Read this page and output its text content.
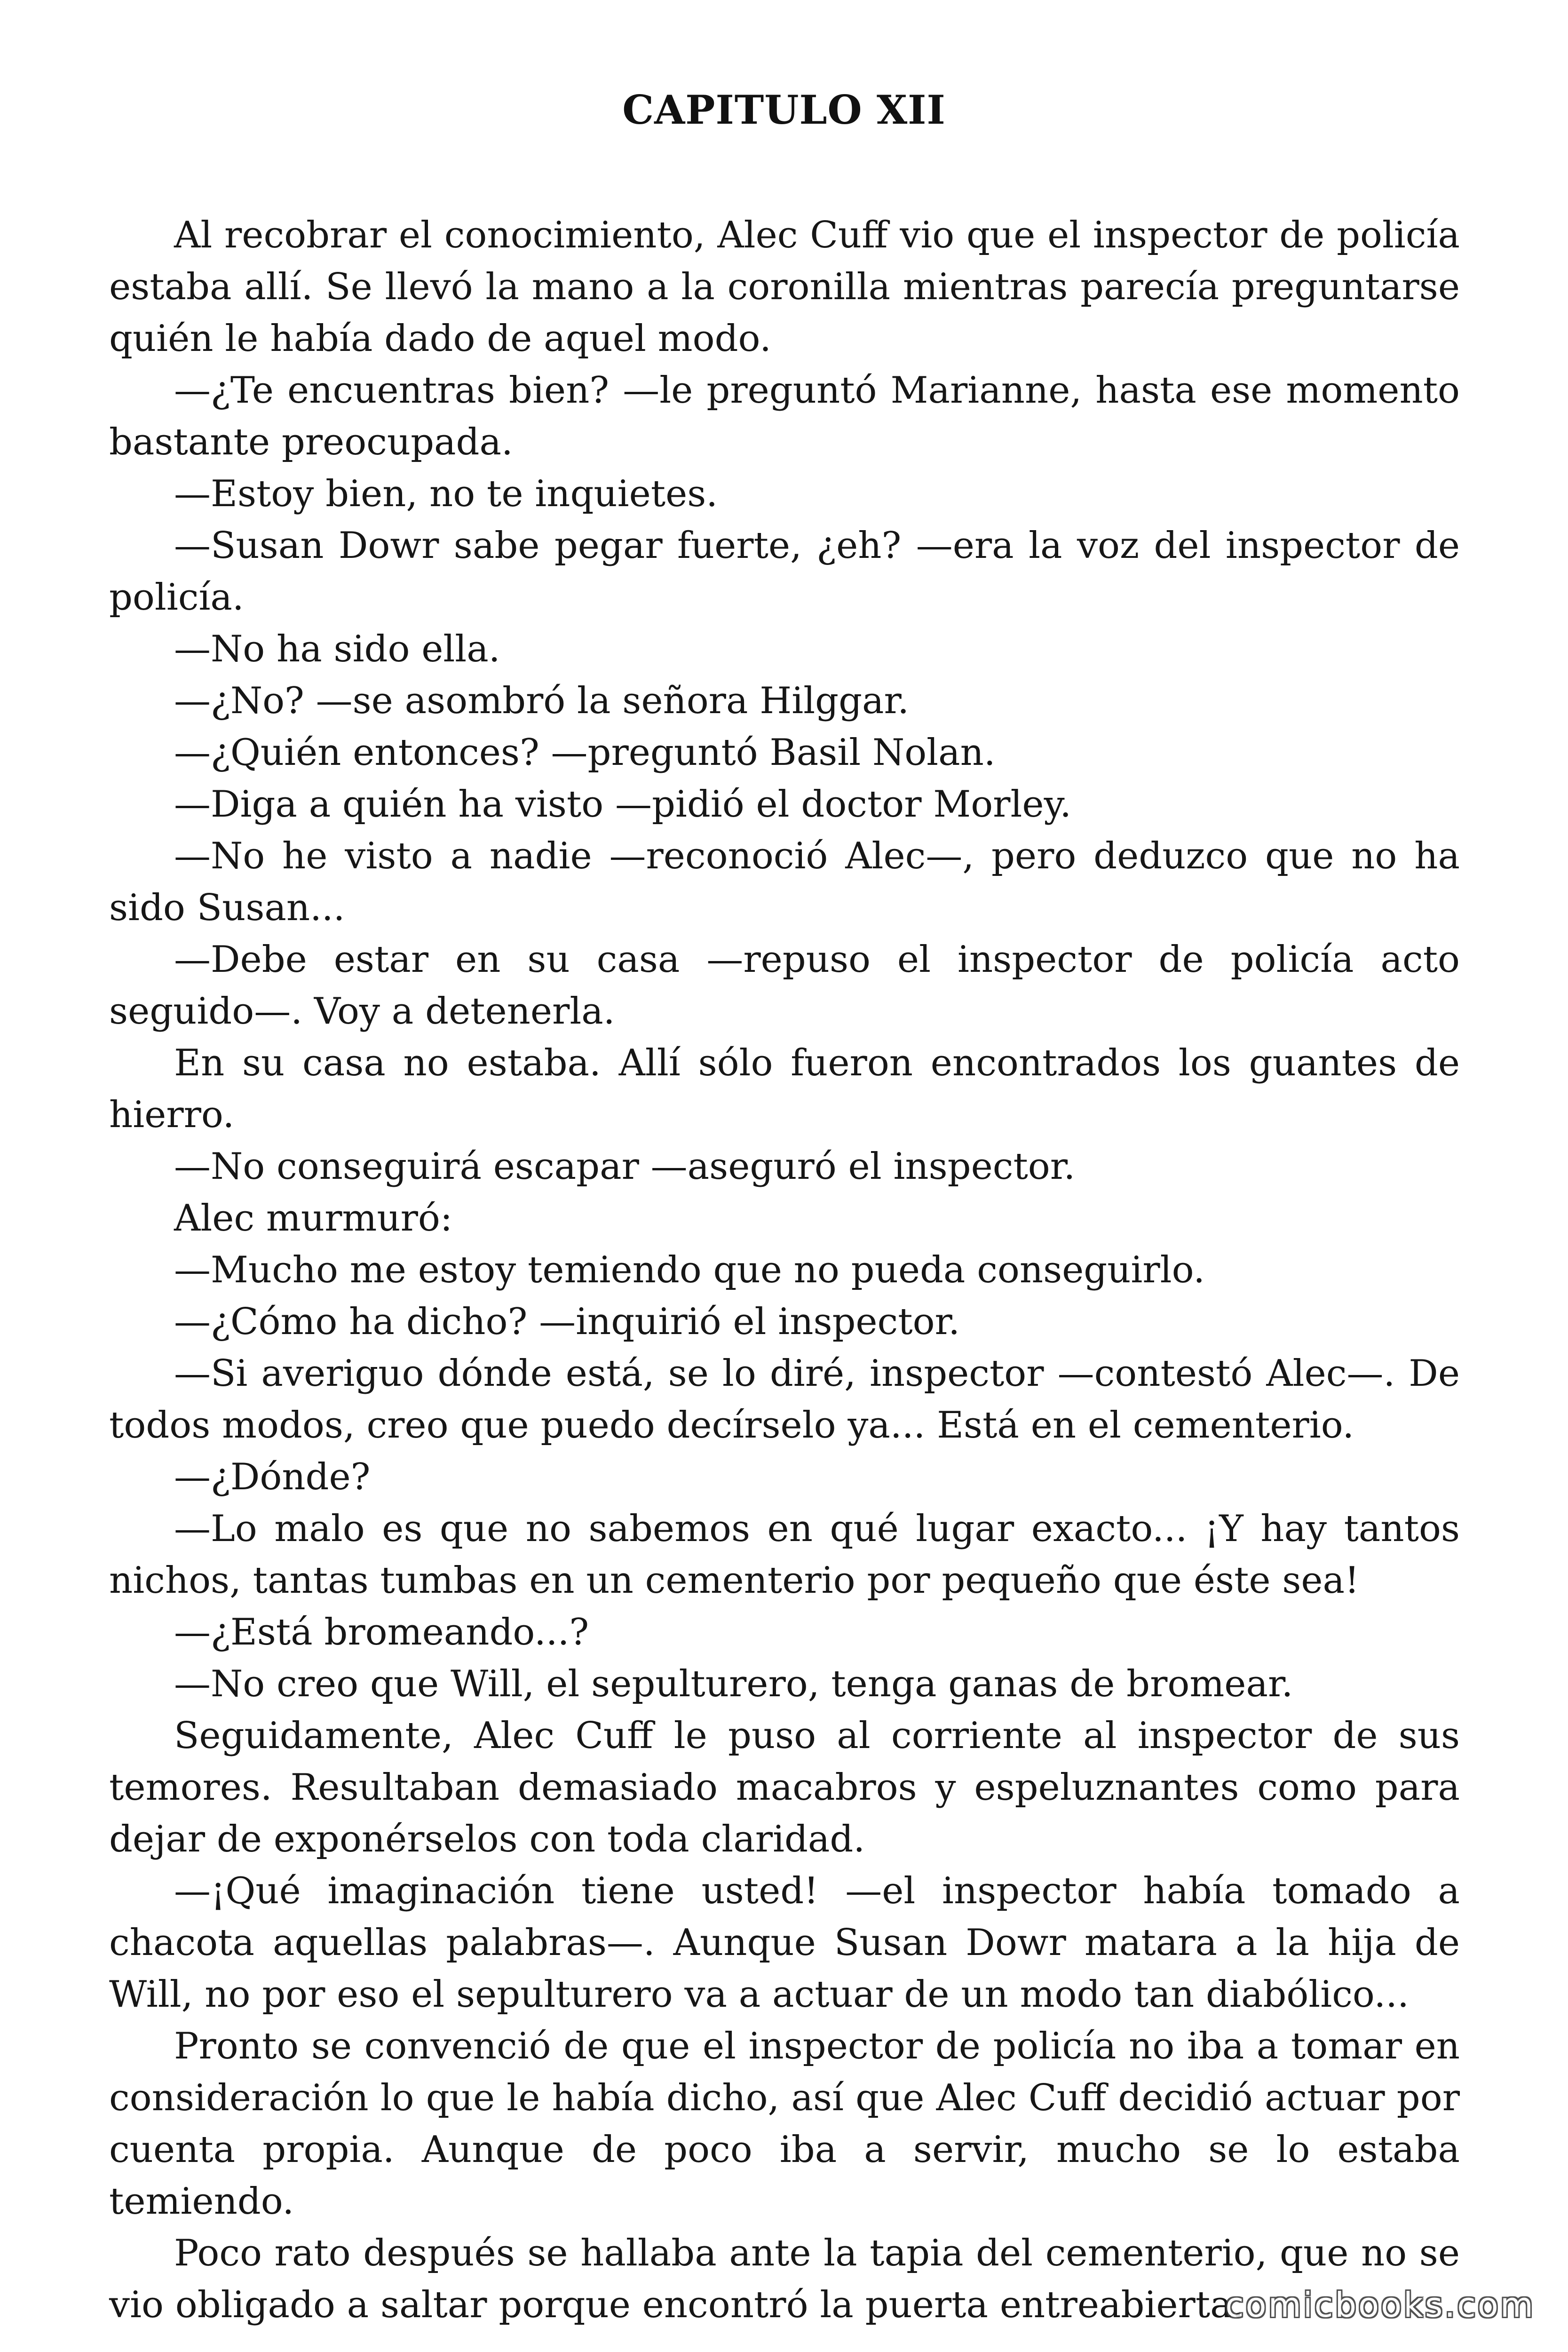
CAPITULO XII

Al recobrar el conocimiento, Alec Cuff vio que el inspector de policía estaba allí. Se llevó la mano a la coronilla mientras parecía preguntarse quién le había dado de aquel modo.

—¿Te encuentras bien? —le preguntó Marianne, hasta ese momento bastante preocupada.

—Estoy bien, no te inquietes.

—Susan Dowr sabe pegar fuerte, ¿eh? —era la voz del inspector de policía.

—No ha sido ella.

—¿No? —se asombró la señora Hilggar.

—¿Quién entonces? —preguntó Basil Nolan.

—Diga a quién ha visto —pidió el doctor Morley.

—No he visto a nadie —reconoció Alec—, pero deduzco que no ha sido Susan...

—Debe estar en su casa —repuso el inspector de policía acto seguido—. Voy a detenerla.

En su casa no estaba. Allí sólo fueron encontrados los guantes de hierro.

—No conseguirá escapar —aseguró el inspector.

Alec murmuró:

—Mucho me estoy temiendo que no pueda conseguirlo.

—¿Cómo ha dicho? —inquirió el inspector.

—Si averiguo dónde está, se lo diré, inspector —contestó Alec—. De todos modos, creo que puedo decírselo ya... Está en el cementerio.

—¿Dónde?

—Lo malo es que no sabemos en qué lugar exacto... ¡Y hay tantos nichos, tantas tumbas en un cementerio por pequeño que éste sea!

—¿Está bromeando...?

—No creo que Will, el sepulturero, tenga ganas de bromear.

Seguidamente, Alec Cuff le puso al corriente al inspector de sus temores. Resultaban demasiado macabros y espeluznantes como para dejar de exponérselos con toda claridad.

—¡Qué imaginación tiene usted! —el inspector había tomado a chacota aquellas palabras—. Aunque Susan Dowr matara a la hija de Will, no por eso el sepulturero va a actuar de un modo tan diabólico...

Pronto se convenció de que el inspector de policía no iba a tomar en consideración lo que le había dicho, así que Alec Cuff decidió actuar por cuenta propia. Aunque de poco iba a servir, mucho se lo estaba temiendo.

Poco rato después se hallaba ante la tapia del cementerio, que no se vio obligado a saltar porque encontró la puerta entreabierta.

comicbooks.com
